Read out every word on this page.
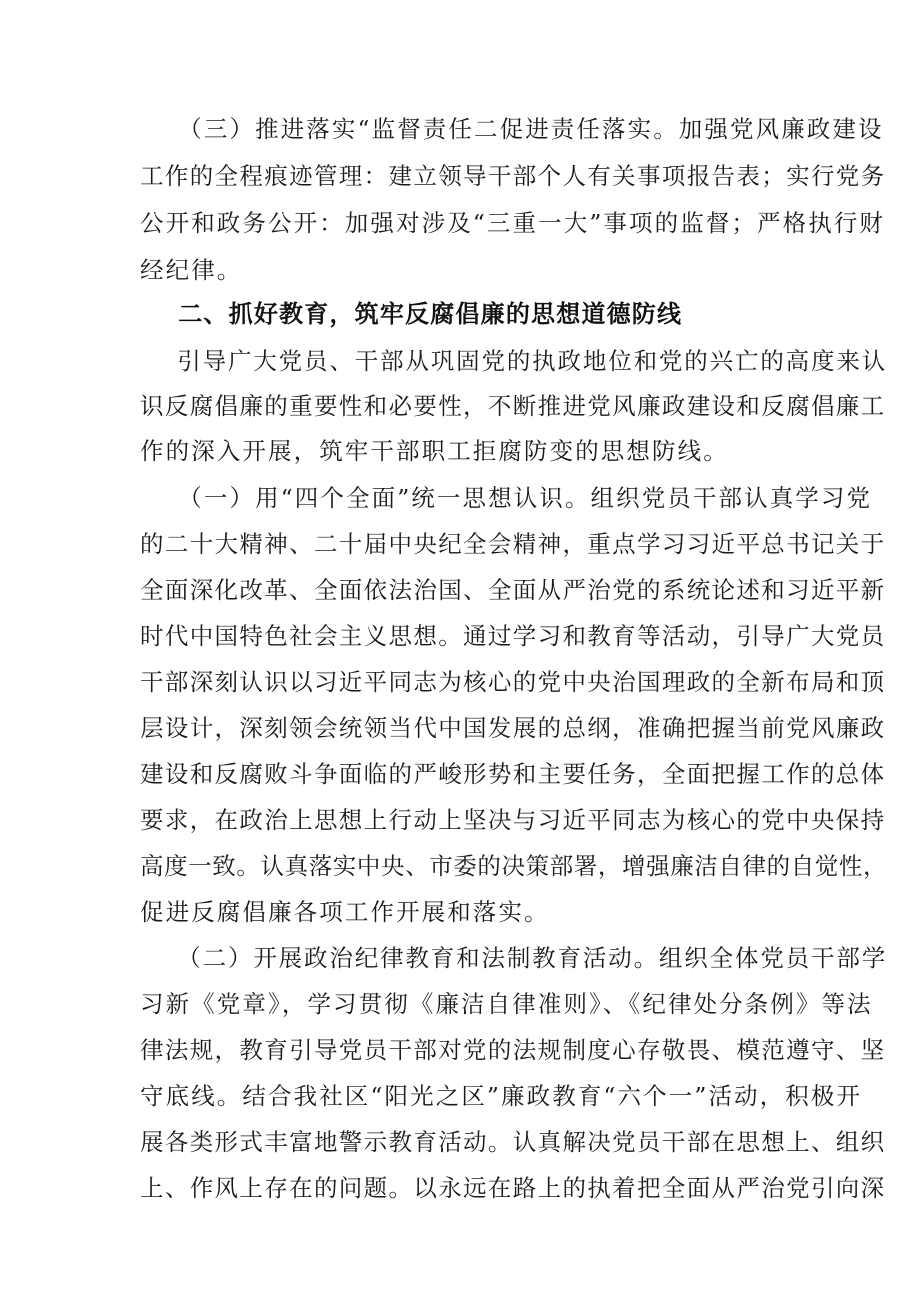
（三）推进落实“监督责任二促进责任落实。加强党风廉政建设
工作的全程痕迹管理：建立领导干部个人有关事项报告表；实行党务
公开和政务公开：加强对涉及“三重一大”事项的监督；严格执行财
经纪律。
二、抓好教育，筑牢反腐倡廉的思想道德防线
引导广大党员、干部从巩固党的执政地位和党的兴亡的高度来认
识反腐倡廉的重要性和必要性，不断推进党风廉政建设和反腐倡廉工
作的深入开展，筑牢干部职工拒腐防变的思想防线。
（一）用“四个全面”统一思想认识。组织党员干部认真学习党
的二十大精神、二十届中央纪全会精神，重点学习习近平总书记关于
全面深化改革、全面依法治国、全面从严治党的系统论述和习近平新
时代中国特色社会主义思想。通过学习和教育等活动，引导广大党员
干部深刻认识以习近平同志为核心的党中央治国理政的全新布局和顶
层设计，深刻领会统领当代中国发展的总纲，准确把握当前党风廉政
建设和反腐败斗争面临的严峻形势和主要任务，全面把握工作的总体
要求，在政治上思想上行动上坚决与习近平同志为核心的党中央保持
高度一致。认真落实中央、市委的决策部署，增强廉洁自律的自觉性，
促进反腐倡廉各项工作开展和落实。
（二）开展政治纪律教育和法制教育活动。组织全体党员干部学
习新《党章》，学习贯彻《廉洁自律准则》、《纪律处分条例》等法
律法规，教育引导党员干部对党的法规制度心存敬畏、模范遵守、坚
守底线。结合我社区“阳光之区”廉政教育“六个一”活动，积极开
展各类形式丰富地警示教育活动。认真解决党员干部在思想上、组织
上、作风上存在的问题。以永远在路上的执着把全面从严治党引向深
